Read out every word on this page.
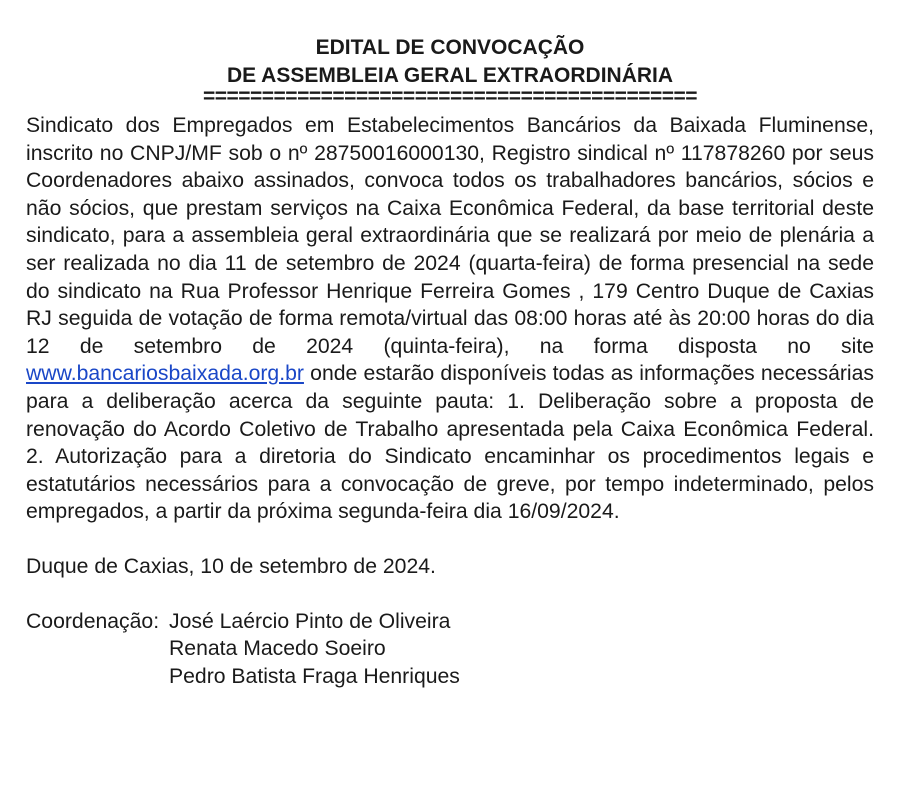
EDITAL DE CONVOCAÇÃO

DE ASSEMBLEIA GERAL EXTRAORDINÁRIA

==========================================

Sindicato dos Empregados em Estabelecimentos Bancários da Baixada Fluminense, inscrito no CNPJ/MF sob o nº 28750016000130, Registro sindical nº 117878260 por seus Coordenadores abaixo assinados, convoca todos os trabalhadores bancários, sócios e não sócios, que prestam serviços na Caixa Econômica Federal, da base territorial deste sindicato, para a assembleia geral extraordinária que se realizará por meio de plenária a ser realizada no dia 11 de setembro de 2024 (quarta-feira) de forma presencial na sede do sindicato na Rua Professor Henrique Ferreira Gomes , 179 Centro Duque de Caxias RJ seguida de votação de forma remota/virtual das 08:00 horas até às 20:00 horas do dia 12 de setembro de 2024 (quinta-feira), na forma disposta no site www.bancariosbaixada.org.br onde estarão disponíveis todas as informações necessárias para a deliberação acerca da seguinte pauta: 1. Deliberação sobre a proposta de renovação do Acordo Coletivo de Trabalho apresentada pela Caixa Econômica Federal. 2. Autorização para a diretoria do Sindicato encaminhar os procedimentos legais e estatutários necessários para a convocação de greve, por tempo indeterminado, pelos empregados, a partir da próxima segunda-feira dia 16/09/2024.

Duque de Caxias, 10 de setembro de 2024.

Coordenação: José Laércio Pinto de Oliveira
Renata Macedo Soeiro
Pedro Batista Fraga Henriques
